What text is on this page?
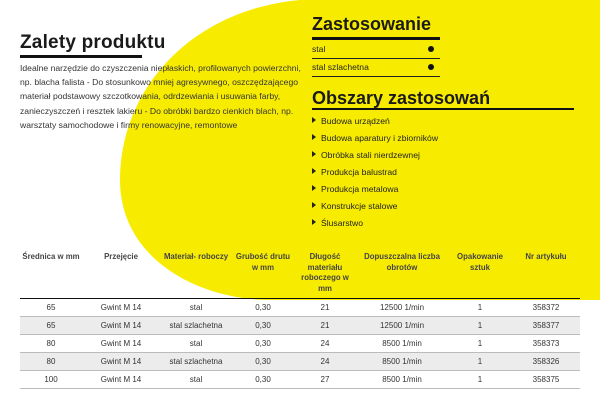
Zalety produktu
Idealne narzędzie do czyszczenia niepłaskich, profilowanych powierzchni, np. blacha falista - Do stosunkowo mniej agresywnego, oszczędzającego materiał podstawowy szczotkowania, odrdzewiania i usuwania farby, zanieczyszczeń i resztek lakieru - Do obróbki bardzo cienkich blach, np. warsztaty samochodowe i firmy renowacyjne, remontowe
Zastosowanie
stal
stal szlachetna
Obszary zastosowań
Budowa urządzeń
Budowa aparatury i zbiorników
Obróbka stali nierdzewnej
Produkcja balustrad
Produkcja metalowa
Konstrukcje stalowe
Ślusarstwo
Średnica w mm	Przejęcie	Materiał- roboczy	Grubość drutu w mm	Długość materiału roboczego w mm	Dopuszczalna liczba obrotów	Opakowanie sztuk	Nr artykułu
65	Gwint M 14	stal	0,30	21	12500 1/min	1	358372
65	Gwint M 14	stal szlachetna	0,30	21	12500 1/min	1	358377
80	Gwint M 14	stal	0,30	24	8500 1/min	1	358373
80	Gwint M 14	stal szlachetna	0,30	24	8500 1/min	1	358326
100	Gwint M 14	stal	0,30	27	8500 1/min	1	358375
